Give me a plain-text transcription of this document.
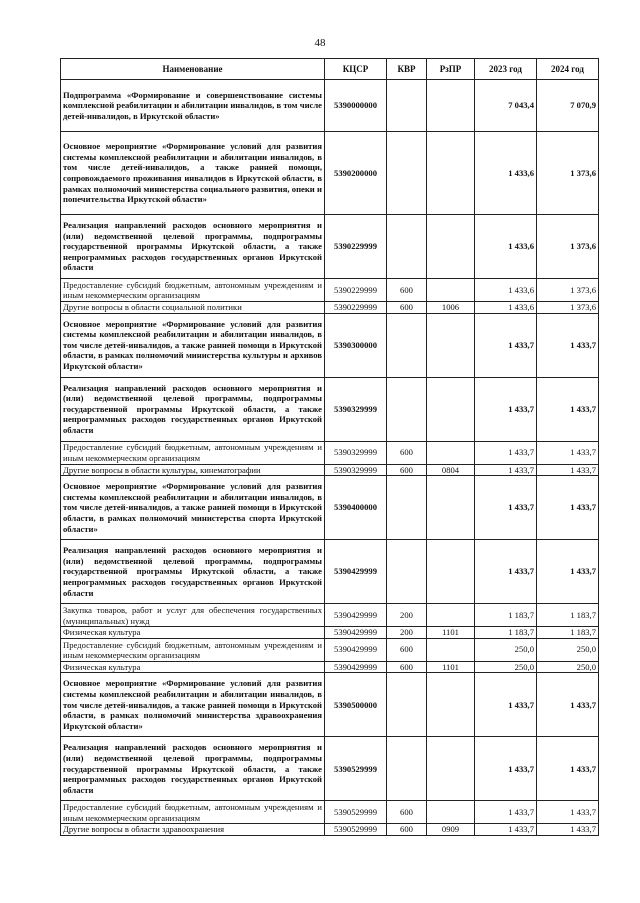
48
Наименование	КЦСР	КВР	РзПР	2023 год	2024 год
Подпрограмма «Формирование и совершенствование системы комплексной реабилитации и абилитации инвалидов, в том числе детей-инвалидов, в Иркутской области»	5390000000			7 043,4	7 070,9
Основное мероприятие «Формирование условий для развития системы комплексной реабилитации и абилитации инвалидов, в том числе детей-инвалидов, а также ранней помощи, сопровождаемого проживания инвалидов в Иркутской области, в рамках полномочий министерства социального развития, опеки и попечительства Иркутской области»	5390200000			1 433,6	1 373,6
Реализация направлений расходов основного мероприятия и (или) ведомственной целевой программы, подпрограммы государственной программы Иркутской области, а также непрограммных расходов государственных органов Иркутской области	5390229999			1 433,6	1 373,6
Предоставление субсидий бюджетным, автономным учреждениям и иным некоммерческим организациям	5390229999	600		1 433,6	1 373,6
Другие вопросы в области социальной политики	5390229999	600	1006	1 433,6	1 373,6
Основное мероприятие «Формирование условий для развития системы комплексной реабилитации и абилитации инвалидов, в том числе детей-инвалидов, а также ранней помощи в Иркутской области, в рамках полномочий министерства культуры и архивов Иркутской области»	5390300000			1 433,7	1 433,7
Реализация направлений расходов основного мероприятия и (или) ведомственной целевой программы, подпрограммы государственной программы Иркутской области, а также непрограммных расходов государственных органов Иркутской области	5390329999			1 433,7	1 433,7
Предоставление субсидий бюджетным, автономным учреждениям и иным некоммерческим организациям	5390329999	600		1 433,7	1 433,7
Другие вопросы в области культуры, кинематографии	5390329999	600	0804	1 433,7	1 433,7
Основное мероприятие «Формирование условий для развития системы комплексной реабилитации и абилитации инвалидов, в том числе детей-инвалидов, а также ранней помощи в Иркутской области, в рамках полномочий министерства спорта Иркутской области»	5390400000			1 433,7	1 433,7
Реализация направлений расходов основного мероприятия и (или) ведомственной целевой программы, подпрограммы государственной программы Иркутской области, а также непрограммных расходов государственных органов Иркутской области	5390429999			1 433,7	1 433,7
Закупка товаров, работ и услуг для обеспечения государственных (муниципальных) нужд	5390429999	200		1 183,7	1 183,7
Физическая культура	5390429999	200	1101	1 183,7	1 183,7
Предоставление субсидий бюджетным, автономным учреждениям и иным некоммерческим организациям	5390429999	600		250,0	250,0
Физическая культура	5390429999	600	1101	250,0	250,0
Основное мероприятие «Формирование условий для развития системы комплексной реабилитации и абилитации инвалидов, в том числе детей-инвалидов, а также ранней помощи в Иркутской области, в рамках полномочий министерства здравоохранения Иркутской области»	5390500000			1 433,7	1 433,7
Реализация направлений расходов основного мероприятия и (или) ведомственной целевой программы, подпрограммы государственной программы Иркутской области, а также непрограммных расходов государственных органов Иркутской области	5390529999			1 433,7	1 433,7
Предоставление субсидий бюджетным, автономным учреждениям и иным некоммерческим организациям	5390529999	600		1 433,7	1 433,7
Другие вопросы в области здравоохранения	5390529999	600	0909	1 433,7	1 433,7
